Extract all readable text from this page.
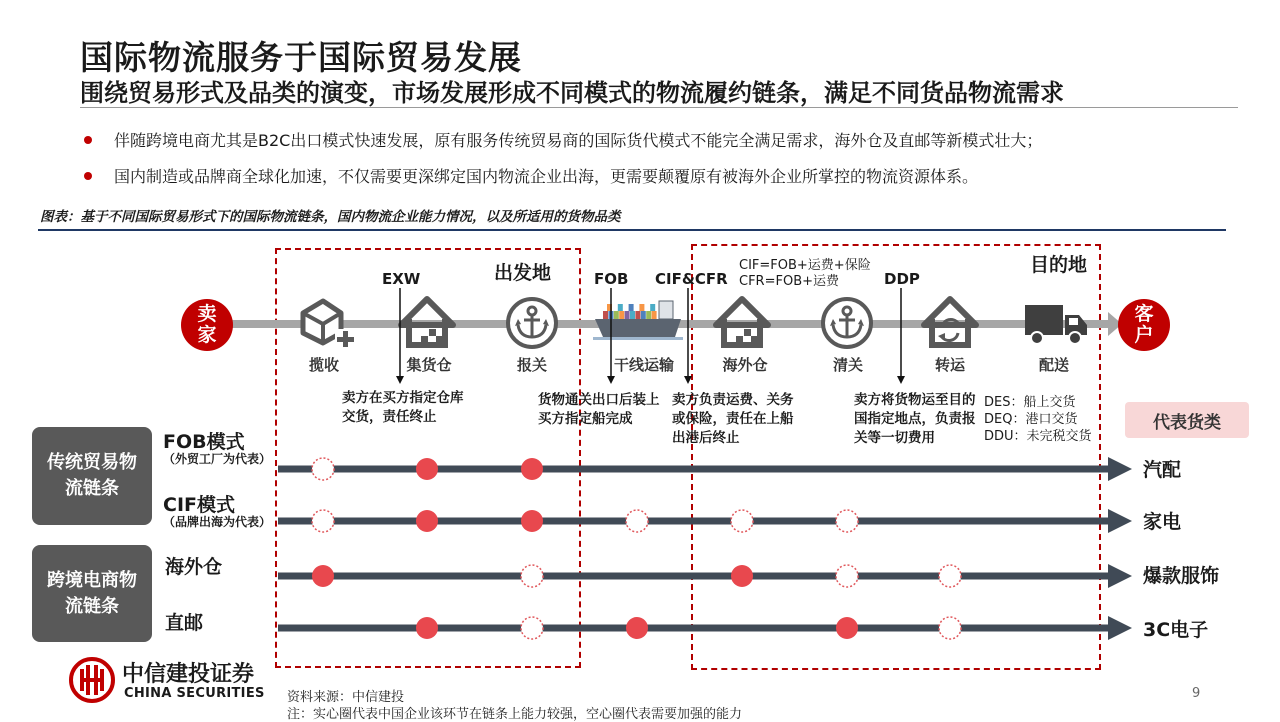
国际物流服务于国际贸易发展
围绕贸易形式及品类的演变，市场发展形成不同模式的物流履约链条，满足不同货品物流需求
伴随跨境电商尤其是B2C出口模式快速发展，原有服务传统贸易商的国际货代模式不能完全满足需求，海外仓及直邮等新模式壮大；
国内制造或品牌商全球化加速，不仅需要更深绑定国内物流企业出海，更需要颠覆原有被海外企业所掌控的物流资源体系。
图表：基于不同国际贸易形式下的国际物流链条，国内物流企业能力情况，以及所适用的货物品类
出发地	目的地
卖家
客户
揽收	集货仓	报关	干线运输	海外仓	清关	转运	配送
EXW	FOB CIF&CFR	DDP
CIF=FOB+运费+保险
CFR=FOB+运费
卖方在买方指定仓库交货，责任终止
货物通关出口后装上买方指定船完成
卖方负责运费、关务或保险，责任在上船出港后终止
卖方将货物运至目的国指定地点，负责报关等一切费用
DES：船上交货
DEQ：港口交货
DDU：未完税交货
代表货类
传统贸易物流链条
跨境电商物流链条
FOB模式
（外贸工厂为代表）
CIF模式
（品牌出海为代表）
海外仓
直邮
汽配
家电
爆款服饰
3C电子
中信建投证券
CHINA SECURITIES 资料来源：中信建投
注：实心圈代表中国企业该环节在链条上能力较强，空心圈代表需要加强的能力
9
